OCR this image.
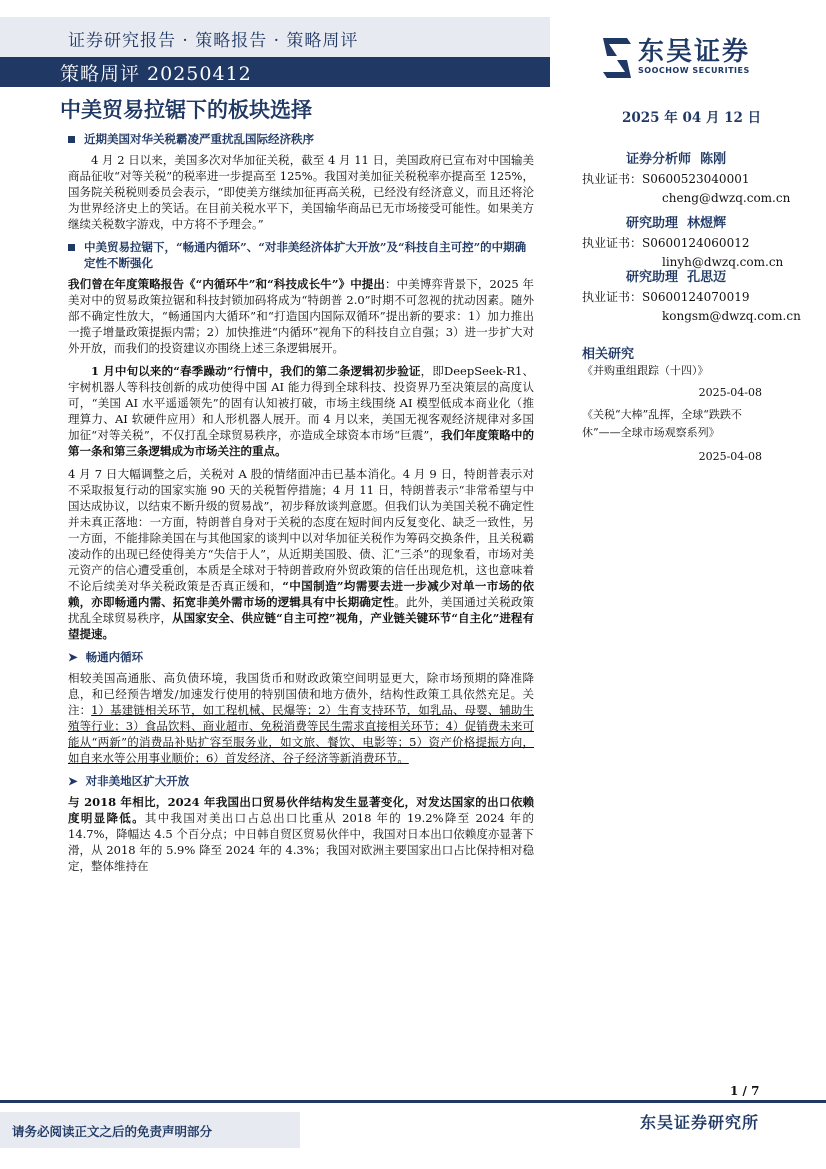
证券研究报告 · 策略报告 · 策略周评
策略周评 20250412
东吴证券
SOOCHOW SECURITIES
中美贸易拉锯下的板块选择
近期美国对华关税霸凌严重扰乱国际经济秩序

4 月 2 日以来，美国多次对华加征关税，截至 4 月 11 日，美国政府已宣布对中国输美商品征收“对等关税”的税率进一步提高至 125%。我国对美加征关税税率亦提高至 125%，国务院关税税则委员会表示，“即使美方继续加征再高关税，已经没有经济意义，而且还将沦为世界经济史上的笑话。在目前关税水平下，美国输华商品已无市场接受可能性。如果美方继续关税数字游戏，中方将不予理会。”

中美贸易拉锯下，“畅通内循环”、“对非美经济体扩大开放”及“科技自主可控”的中期确定性不断强化

我们曾在年度策略报告《“内循环牛”和“科技成长牛”》中提出：中美博弈背景下，2025 年美对中的贸易政策拉锯和科技封锁加码将成为“特朗普 2.0”时期不可忽视的扰动因素。随外部不确定性放大，“畅通国内大循环”和“打造国内国际双循环”提出新的要求：1）加力推出一揽子增量政策提振内需；2）加快推进“内循环”视角下的科技自立自强；3）进一步扩大对外开放，而我们的投资建议亦围绕上述三条逻辑展开。

1 月中旬以来的“春季躁动”行情中，我们的第二条逻辑初步验证，即DeepSeek-R1、宇树机器人等科技创新的成功使得中国 AI 能力得到全球科技、投资界乃至决策层的高度认可，“美国 AI 水平遥遥领先”的固有认知被打破，市场主线围绕 AI 模型低成本商业化（推理算力、AI 软硬件应用）和人形机器人展开。而 4 月以来，美国无视客观经济规律对多国加征“对等关税”，不仅打乱全球贸易秩序，亦造成全球资本市场“巨震”，我们年度策略中的第一条和第三条逻辑成为市场关注的重点。

4 月 7 日大幅调整之后，关税对 A 股的情绪面冲击已基本消化。4 月 9 日，特朗普表示对不采取报复行动的国家实施 90 天的关税暂停措施；4 月 11 日，特朗普表示“非常希望与中国达成协议，以结束不断升级的贸易战”，初步释放谈判意愿。但我们认为美国关税不确定性并未真正落地：一方面，特朗普自身对于关税的态度在短时间内反复变化、缺乏一致性，另一方面，不能排除美国在与其他国家的谈判中以对华加征关税作为筹码交换条件，且关税霸凌动作的出现已经使得美方“失信于人”，从近期美国股、债、汇“三杀”的现象看，市场对美元资产的信心遭受重创，本质是全球对于特朗普政府外贸政策的信任出现危机，这也意味着不论后续美对华关税政策是否真正缓和，“中国制造”均需要去进一步减少对单一市场的依赖，亦即畅通内需、拓宽非美外需市场的逻辑具有中长期确定性。此外，美国通过关税政策扰乱全球贸易秩序，从国家安全、供应链“自主可控”视角，产业链关键环节“自主化”进程有望提速。

➤ 畅通内循环

相较美国高通胀、高负债环境，我国货币和财政政策空间明显更大，除市场预期的降准降息，和已经预告增发/加速发行使用的特别国债和地方债外，结构性政策工具依然充足。关注：1）基建链相关环节，如工程机械、民爆等；2）生育支持环节，如乳品、母婴、辅助生殖等行业；3）食品饮料、商业超市、免税消费等民生需求直接相关环节；4）促销费未来可能从“两新”的消费品补贴扩容至服务业，如文旅、餐饮、电影等；5）资产价格提振方向，如自来水等公用事业顺价；6）首发经济、谷子经济等新消费环节。

➤ 对非美地区扩大开放

与 2018 年相比，2024 年我国出口贸易伙伴结构发生显著变化，对发达国家的出口依赖度明显降低。其中我国对美出口占总出口比重从 2018 年的 19.2%降至 2024 年的 14.7%，降幅达 4.5 个百分点；中日韩自贸区贸易伙伴中，我国对日本出口依赖度亦显著下滑，从 2018 年的 5.9% 降至 2024 年的 4.3%；我国对欧洲主要国家出口占比保持相对稳定，整体维持在

2025 年 04 月 12 日
证券分析师 陈刚
执业证书：S0600523040001
cheng@dwzq.com.cn
研究助理 林煜辉
执业证书：S0600124060012
linyh@dwzq.com.cn
研究助理 孔思迈
执业证书：S0600124070019
kongsm@dwzq.com.cn
相关研究
《并购重组跟踪（十四）》
2025-04-08
《关税“大棒”乱挥，全球“跌跌不休”——全球市场观察系列》
2025-04-08
1 / 7
请务必阅读正文之后的免责声明部分	东吴证券研究所
